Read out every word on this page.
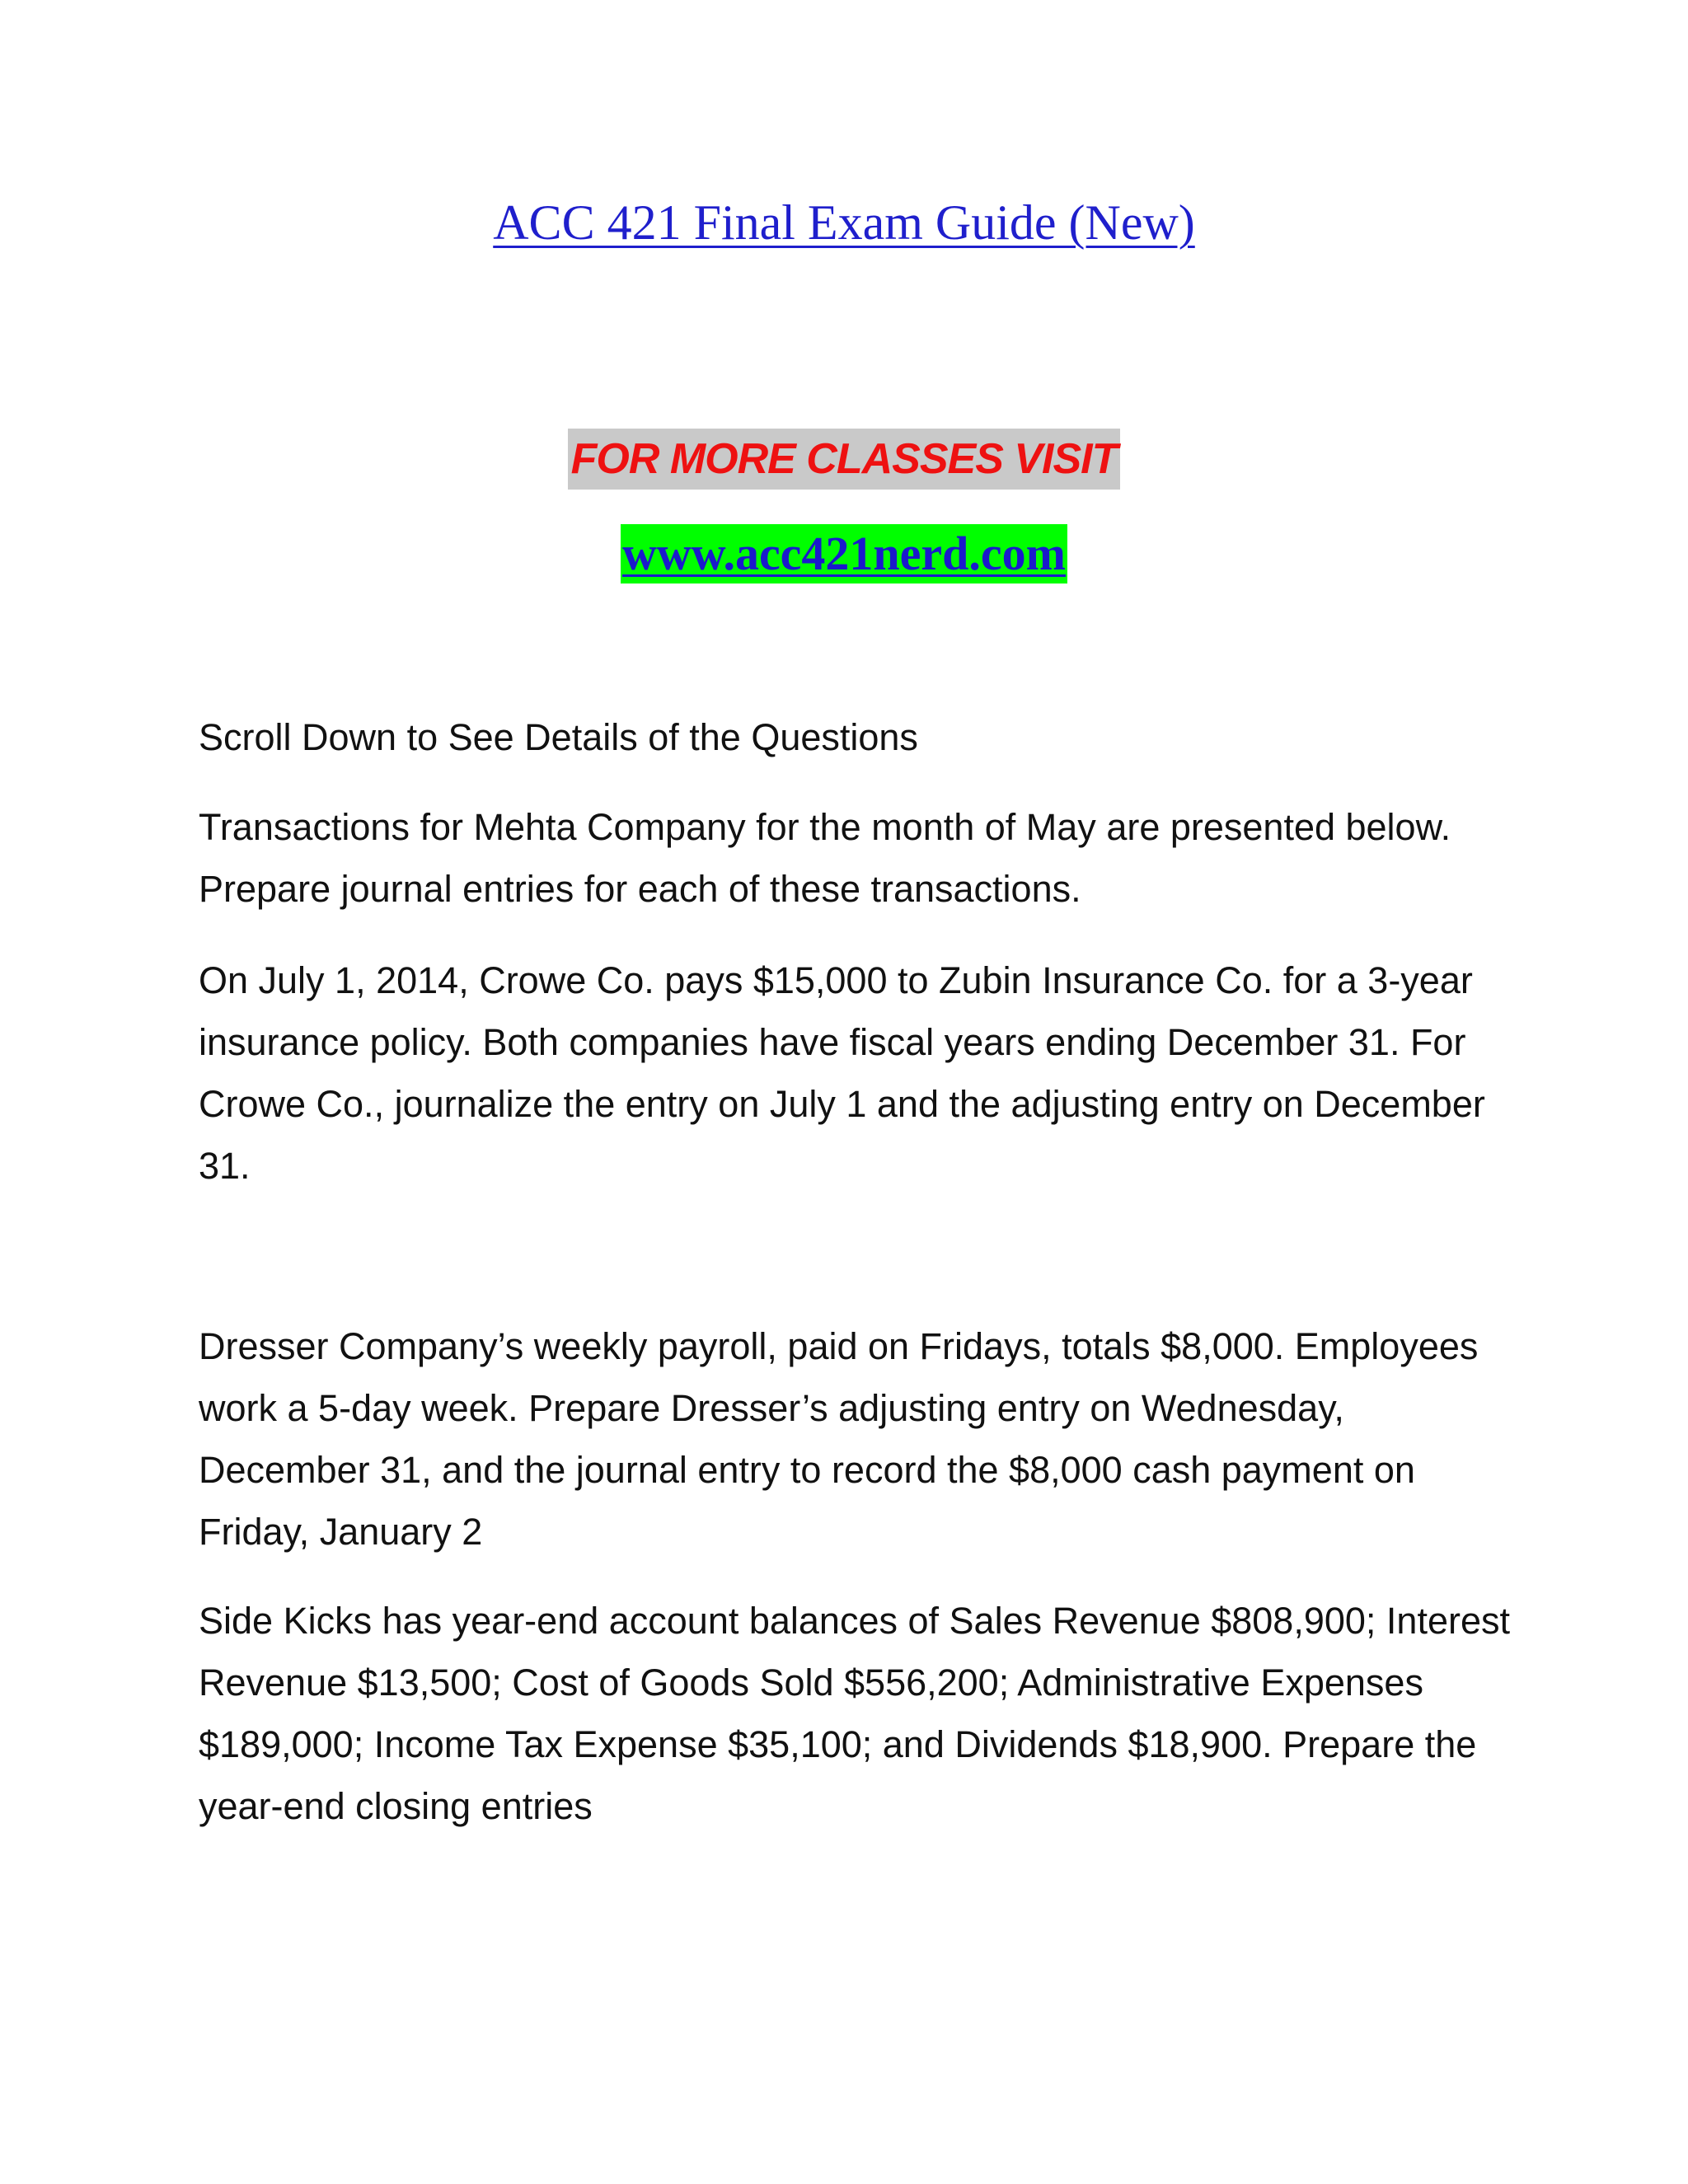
ACC 421 Final Exam Guide (New)
FOR MORE CLASSES VISIT
www.acc421nerd.com

Scroll Down to See Details of the Questions

Transactions for Mehta Company for the month of May are presented below. Prepare journal entries for each of these transactions.

On July 1, 2014, Crowe Co. pays $15,000 to Zubin Insurance Co. for a 3-year insurance policy. Both companies have fiscal years ending December 31. For Crowe Co., journalize the entry on July 1 and the adjusting entry on December 31.

Dresser Company’s weekly payroll, paid on Fridays, totals $8,000. Employees work a 5-day week. Prepare Dresser’s adjusting entry on Wednesday, December 31, and the journal entry to record the $8,000 cash payment on Friday, January 2

Side Kicks has year-end account balances of Sales Revenue $808,900; Interest Revenue $13,500; Cost of Goods Sold $556,200; Administrative Expenses $189,000; Income Tax Expense $35,100; and Dividends $18,900. Prepare the year-end closing entries
